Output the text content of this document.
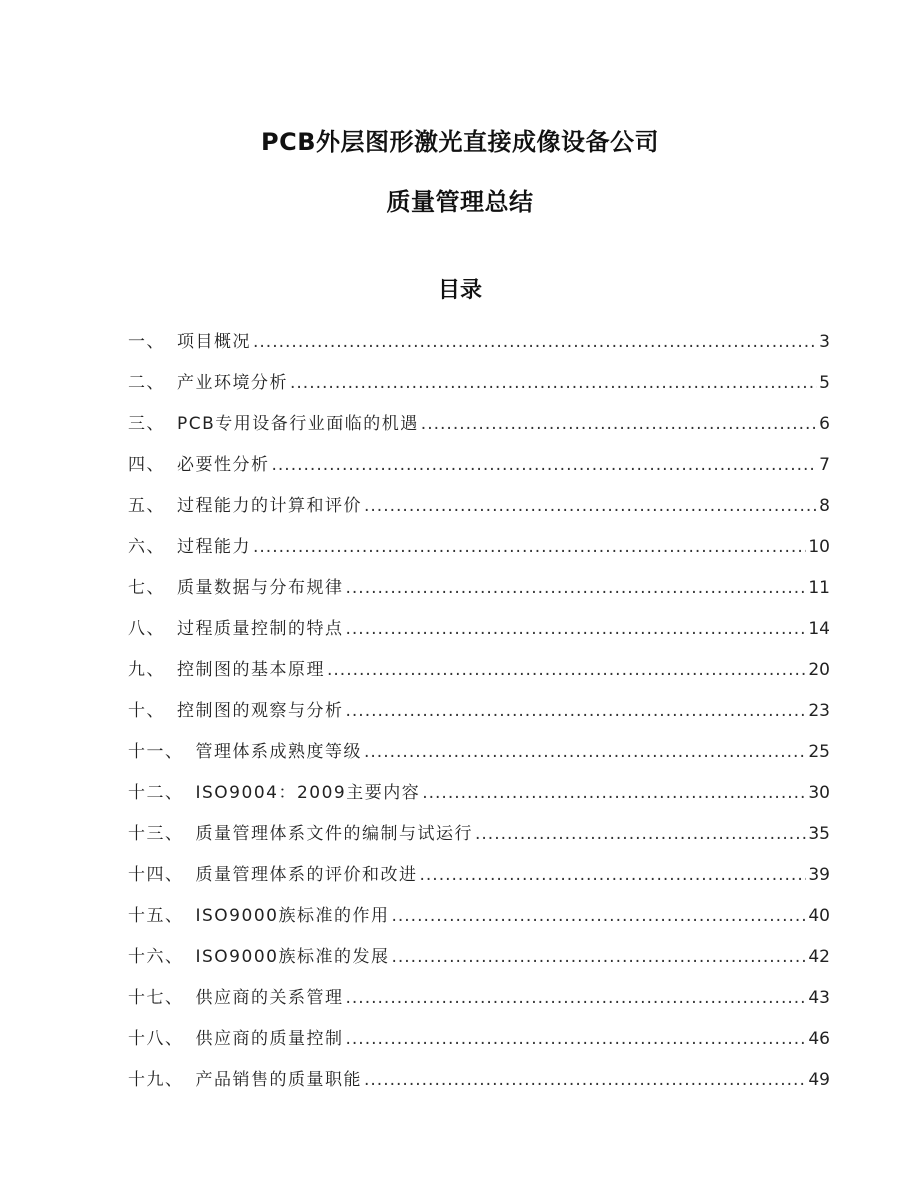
PCB外层图形激光直接成像设备公司
质量管理总结
目录
一、 项目概况 .....	3
二、 产业环境分析 .....	5
三、 PCB专用设备行业面临的机遇 .....	6
四、 必要性分析 .....	7
五、 过程能力的计算和评价 .....	8
六、 过程能力 .....	10
七、 质量数据与分布规律 .....	11
八、 过程质量控制的特点 .....	14
九、 控制图的基本原理 .....	20
十、 控制图的观察与分析 .....	23
十一、 管理体系成熟度等级 .....	25
十二、 ISO9004：2009主要内容 .....	30
十三、 质量管理体系文件的编制与试运行 .....	35
十四、 质量管理体系的评价和改进 .....	39
十五、 ISO9000族标准的作用 .....	40
十六、 ISO9000族标准的发展 .....	42
十七、 供应商的关系管理 .....	43
十八、 供应商的质量控制 .....	46
十九、 产品销售的质量职能 .....	49
